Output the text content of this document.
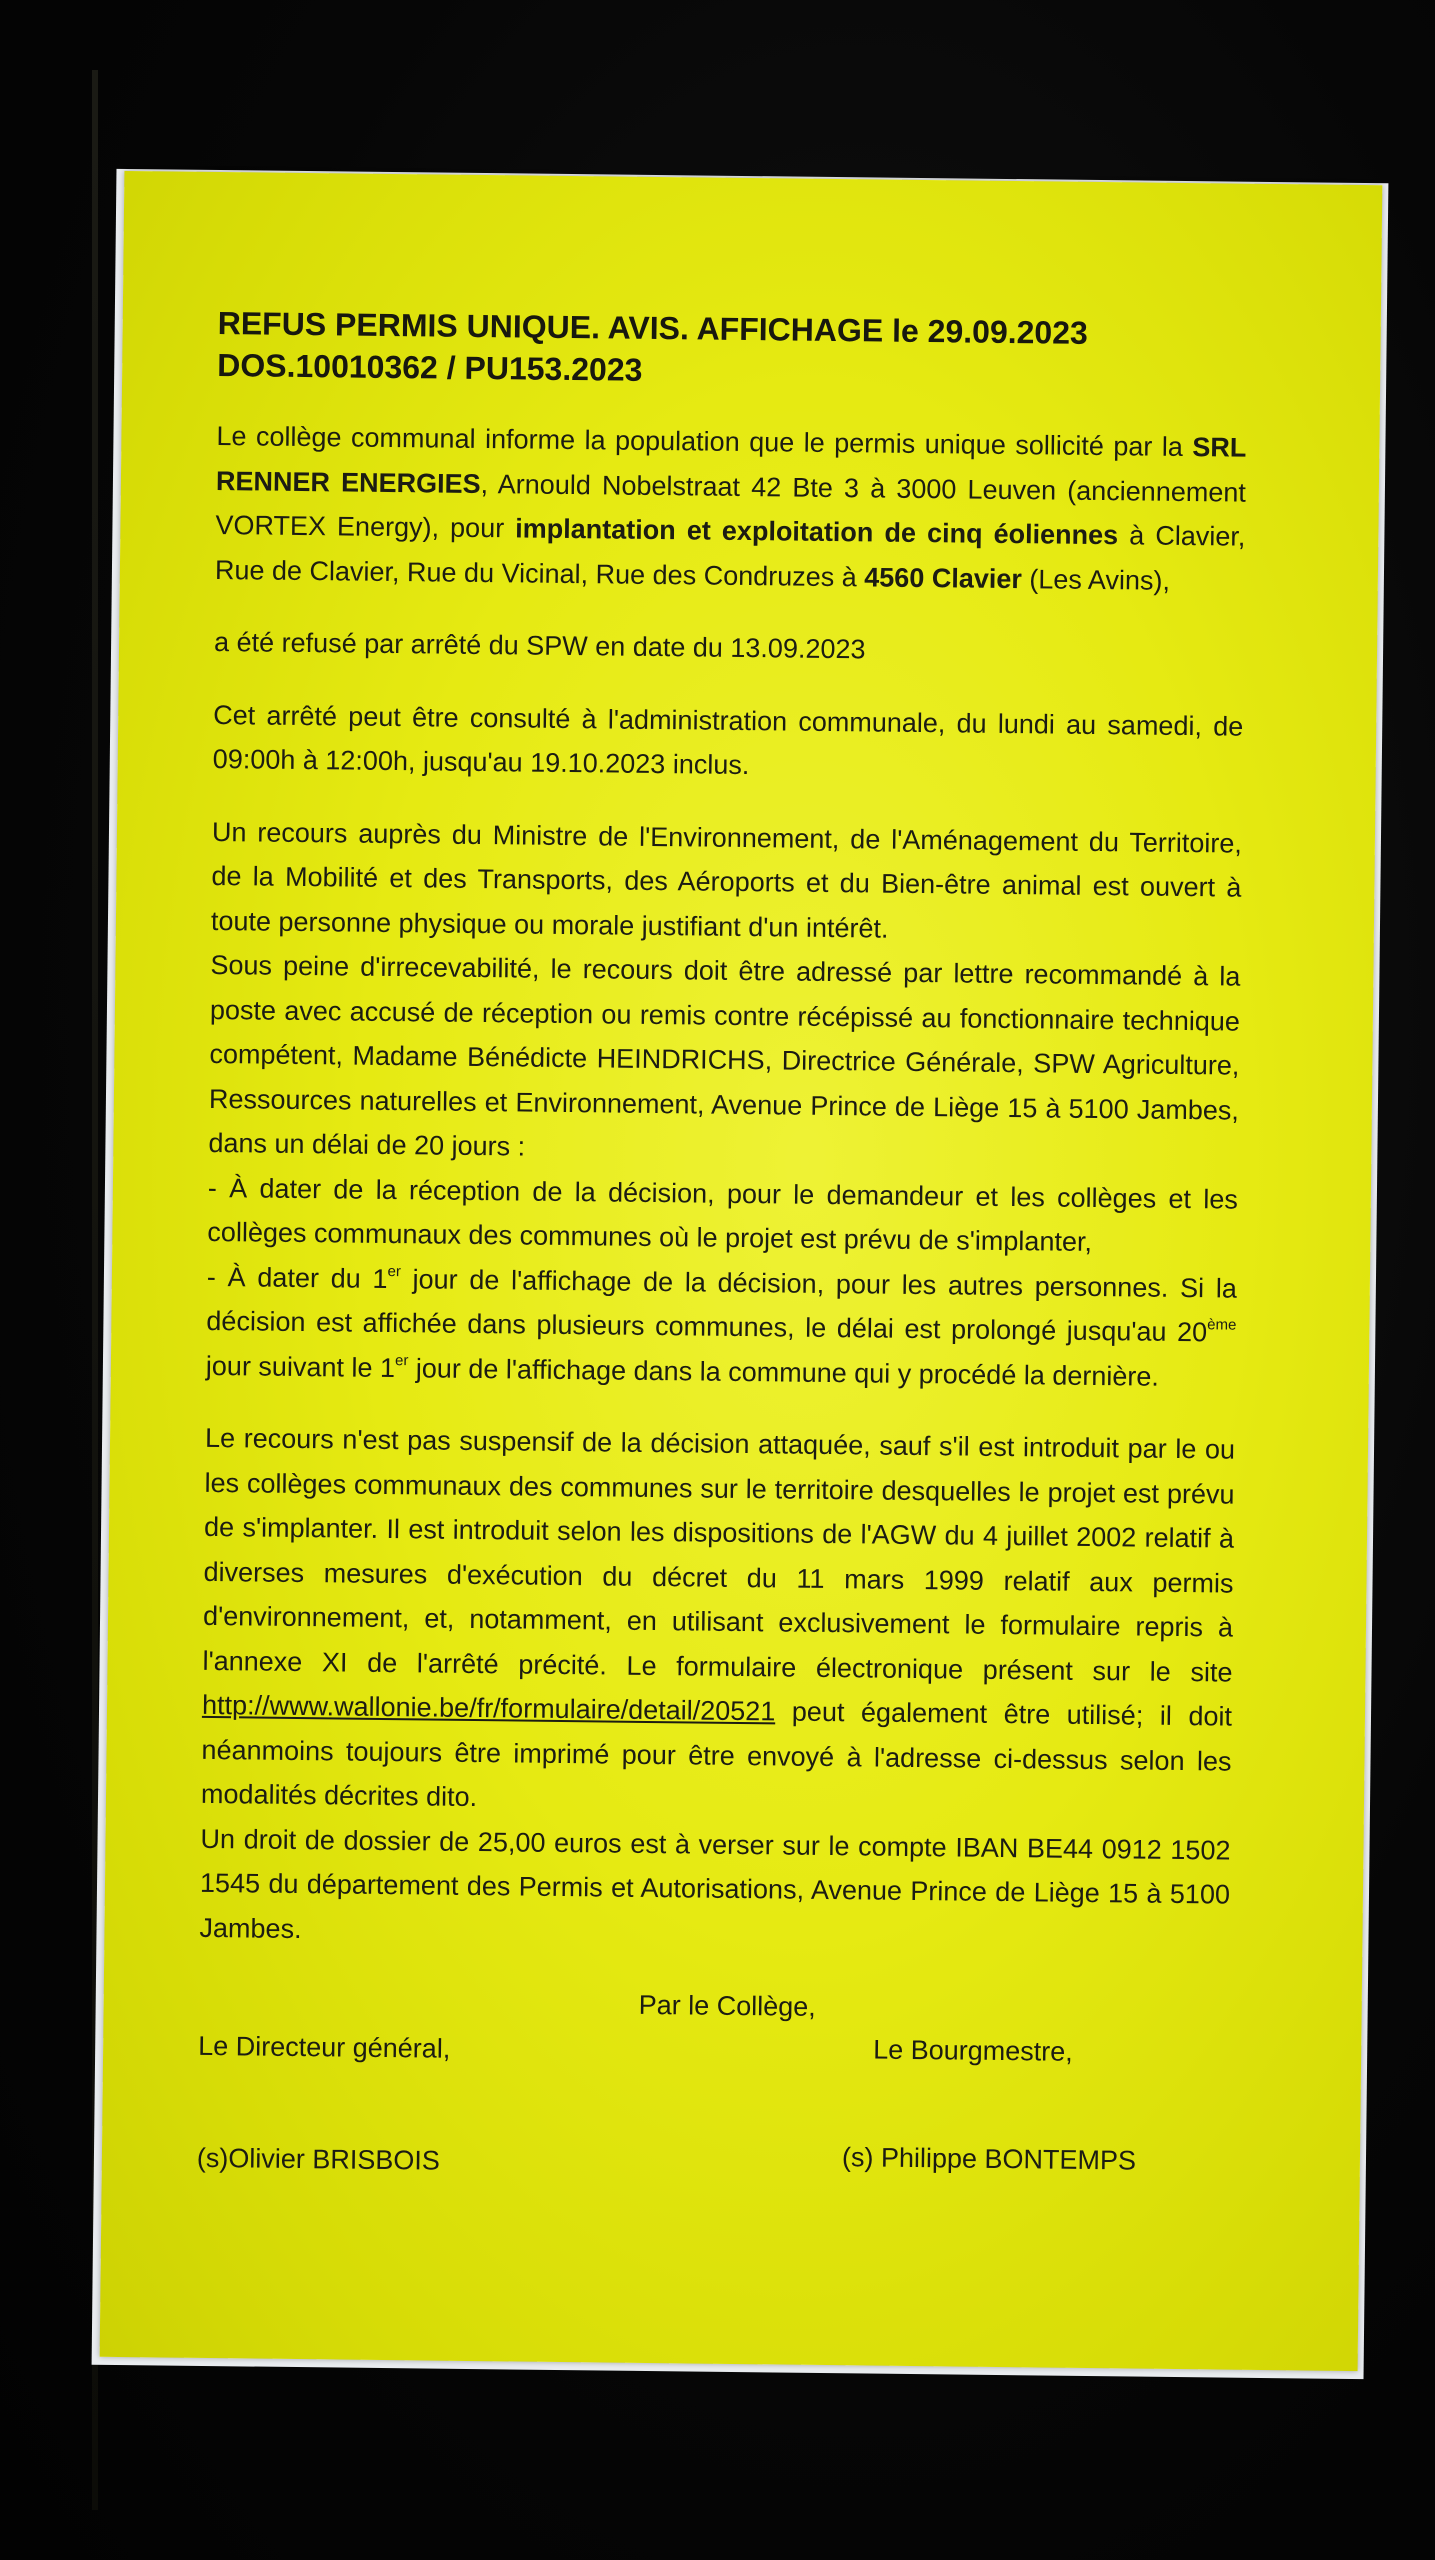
REFUS PERMIS UNIQUE. AVIS. AFFICHAGE le 29.09.2023
DOS.10010362 / PU153.2023

Le collège communal informe la population que le permis unique sollicité par la SRL RENNER ENERGIES, Arnould Nobelstraat 42 Bte 3 à 3000 Leuven (anciennement VORTEX Energy), pour implantation et exploitation de cinq éoliennes à Clavier, Rue de Clavier, Rue du Vicinal, Rue des Condruzes à 4560 Clavier (Les Avins),

a été refusé par arrêté du SPW en date du 13.09.2023

Cet arrêté peut être consulté à l'administration communale, du lundi au samedi, de 09:00h à 12:00h, jusqu'au 19.10.2023 inclus.

Un recours auprès du Ministre de l'Environnement, de l'Aménagement du Territoire, de la Mobilité et des Transports, des Aéroports et du Bien-être animal est ouvert à toute personne physique ou morale justifiant d'un intérêt.

Sous peine d'irrecevabilité, le recours doit être adressé par lettre recommandé à la poste avec accusé de réception ou remis contre récépissé au fonctionnaire technique compétent, Madame Bénédicte HEINDRICHS, Directrice Générale, SPW Agriculture, Ressources naturelles et Environnement, Avenue Prince de Liège 15 à 5100 Jambes, dans un délai de 20 jours :

- À dater de la réception de la décision, pour le demandeur et les collèges et les collèges communaux des communes où le projet est prévu de s'implanter,

- À dater du 1er jour de l'affichage de la décision, pour les autres personnes. Si la décision est affichée dans plusieurs communes, le délai est prolongé jusqu'au 20ème jour suivant le 1er jour de l'affichage dans la commune qui y procédé la dernière.

Le recours n'est pas suspensif de la décision attaquée, sauf s'il est introduit par le ou les collèges communaux des communes sur le territoire desquelles le projet est prévu de s'implanter. Il est introduit selon les dispositions de l'AGW du 4 juillet 2002 relatif à diverses mesures d'exécution du décret du 11 mars 1999 relatif aux permis d'environnement, et, notamment, en utilisant exclusivement le formulaire repris à l'annexe XI de l'arrêté précité. Le formulaire électronique présent sur le site http://www.wallonie.be/fr/formulaire/detail/20521 peut également être utilisé; il doit néanmoins toujours être imprimé pour être envoyé à l'adresse ci-dessus selon les modalités décrites dito.

Un droit de dossier de 25,00 euros est à verser sur le compte IBAN BE44 0912 1502 1545 du département des Permis et Autorisations, Avenue Prince de Liège 15 à 5100 Jambes.

Par le Collège,
Le Directeur général,	Le Bourgmestre,
(s)Olivier BRISBOIS	(s) Philippe BONTEMPS
